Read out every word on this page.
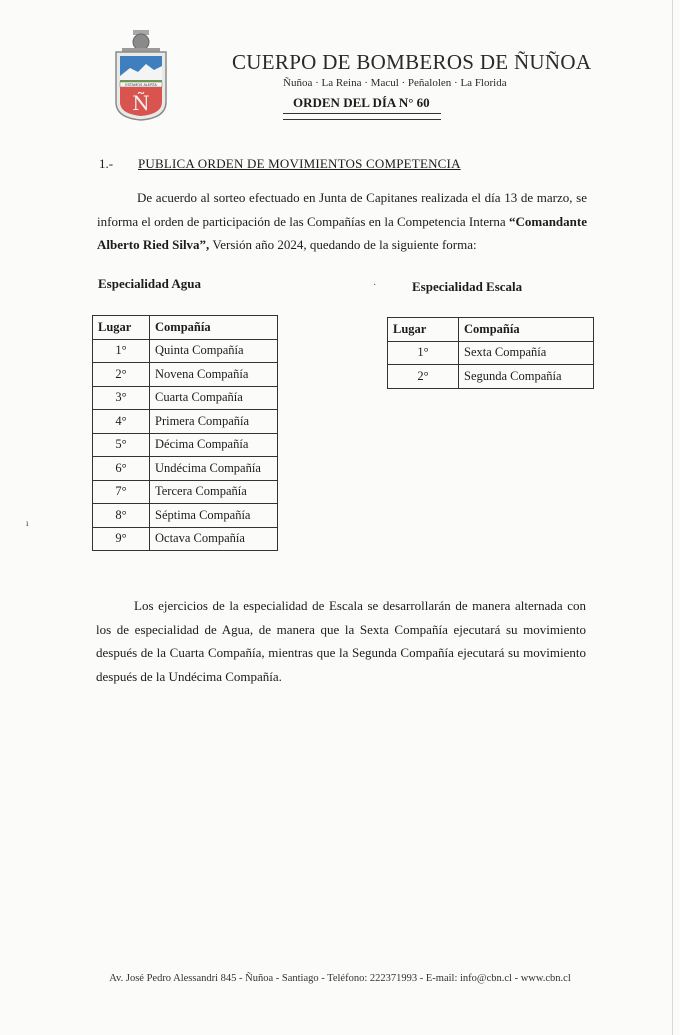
ESTAMOS ALERTA
Ñ
CUERPO DE BOMBEROS DE ÑUÑOA
Ñuñoa · La Reina · Macul · Peñalolen · La Florida
ORDEN DEL DÍA N° 60
1.- PUBLICA ORDEN DE MOVIMIENTOS COMPETENCIA
De acuerdo al sorteo efectuado en Junta de Capitanes realizada el día 13 de marzo, se informa el orden de participación de las Compañías en la Competencia Interna “Comandante Alberto Ried Silva”, Versión año 2024, quedando de la siguiente forma:
Especialidad Agua	·	Especialidad Escala
ı
Lugar	Compañía
1°	Quinta Compañía
2°	Novena Compañía
3°	Cuarta Compañía
4°	Primera Compañía
5°	Décima Compañía
6°	Undécima Compañía
7°	Tercera Compañía
8°	Séptima Compañía
9°	Octava Compañía
Lugar	Compañía
1°	Sexta Compañía
2°	Segunda Compañía
Los ejercicios de la especialidad de Escala se desarrollarán de manera alternada con los de especialidad de Agua, de manera que la Sexta Compañía ejecutará su movimiento después de la Cuarta Compañía, mientras que la Segunda Compañía ejecutará su movimiento después de la Undécima Compañía.
Av. José Pedro Alessandri 845 - Ñuñoa - Santiago - Teléfono: 222371993 - E-mail: info@cbn.cl - www.cbn.cl
